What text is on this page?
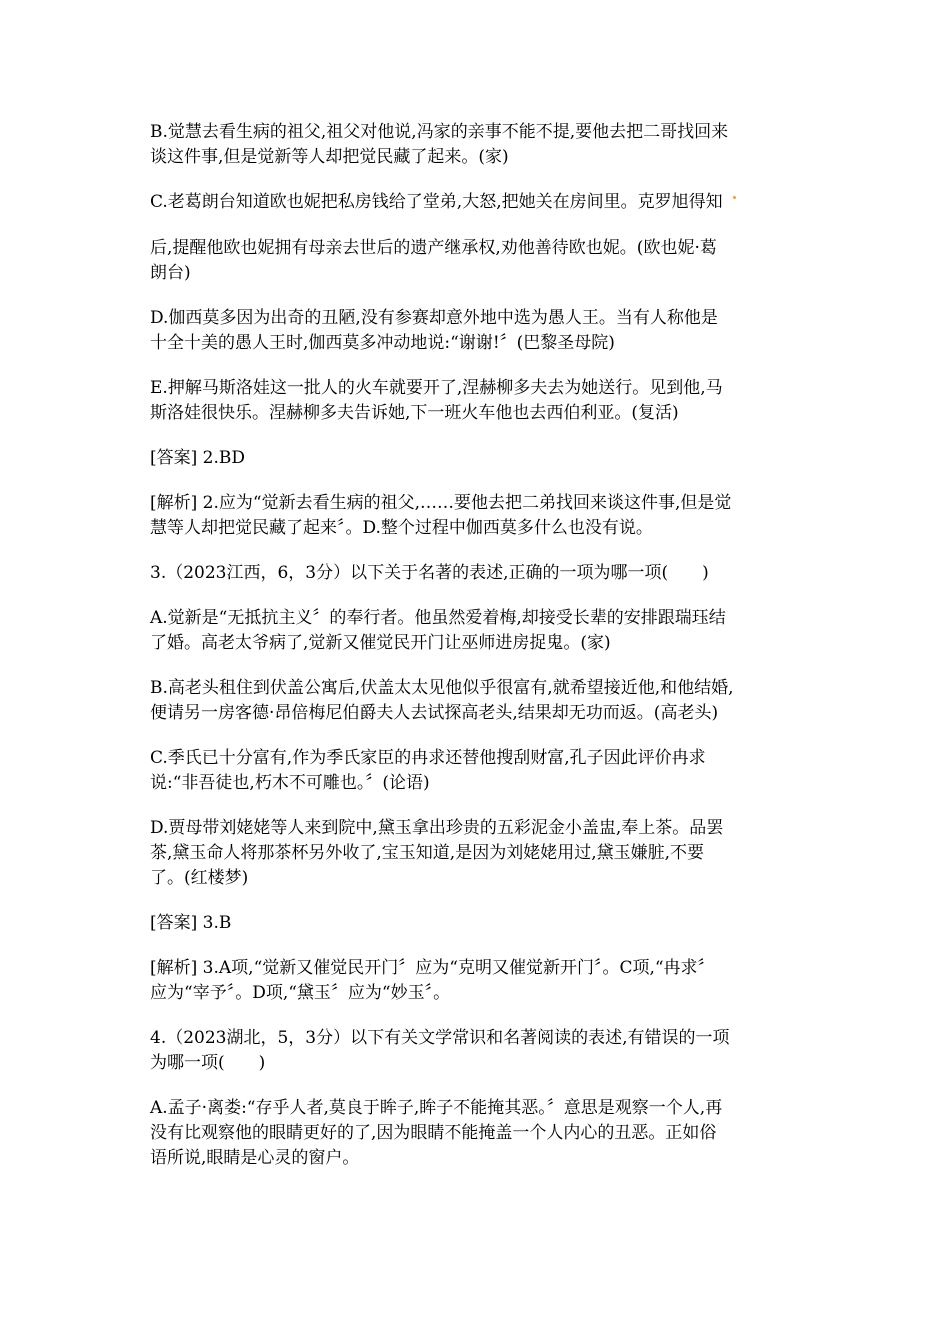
B.觉慧去看生病的祖父,祖父对他说,冯家的亲事不能不提,要他去把二哥找回来
谈这件事,但是觉新等人却把觉民藏了起来。(家)

C.老葛朗台知道欧也妮把私房钱给了堂弟,大怒,把她关在房间里。克罗旭得知

后,提醒他欧也妮拥有母亲去世后的遗产继承权,劝他善待欧也妮。(欧也妮·葛
朗台)

D.伽西莫多因为出奇的丑陋,没有参赛却意外地中选为愚人王。当有人称他是
十全十美的愚人王时,伽西莫多冲动地说:“谢谢!〞(巴黎圣母院)

E.押解马斯洛娃这一批人的火车就要开了,涅赫柳多夫去为她送行。见到他,马
斯洛娃很快乐。涅赫柳多夫告诉她,下一班火车他也去西伯利亚。(复活)

[答案] 2.BD

[解析] 2.应为“觉新去看生病的祖父,……要他去把二弟找回来谈这件事,但是觉
慧等人却把觉民藏了起来〞。D.整个过程中伽西莫多什么也没有说。

3.（2023江西，6，3分）以下关于名著的表述,正确的一项为哪一项(　　)

A.觉新是“无抵抗主义〞的奉行者。他虽然爱着梅,却接受长辈的安排跟瑞珏结
了婚。高老太爷病了,觉新又催觉民开门让巫师进房捉鬼。(家)

B.高老头租住到伏盖公寓后,伏盖太太见他似乎很富有,就希望接近他,和他结婚,
便请另一房客德·昂倍梅尼伯爵夫人去试探高老头,结果却无功而返。(高老头)

C.季氏已十分富有,作为季氏家臣的冉求还替他搜刮财富,孔子因此评价冉求
说:“非吾徒也,朽木不可雕也。〞(论语)

D.贾母带刘姥姥等人来到院中,黛玉拿出珍贵的五彩泥金小盖盅,奉上茶。品罢
茶,黛玉命人将那茶杯另外收了,宝玉知道,是因为刘姥姥用过,黛玉嫌脏,不要
了。(红楼梦)

[答案] 3.B

[解析] 3.A项,“觉新又催觉民开门〞应为“克明又催觉新开门〞。C项,“冉求〞
应为“宰予〞。D项,“黛玉〞应为“妙玉〞。

4.（2023湖北，5，3分）以下有关文学常识和名著阅读的表述,有错误的一项
为哪一项(　　)

A.孟子·离娄:“存乎人者,莫良于眸子,眸子不能掩其恶。〞意思是观察一个人,再
没有比观察他的眼睛更好的了,因为眼睛不能掩盖一个人内心的丑恶。正如俗
语所说,眼睛是心灵的窗户。
